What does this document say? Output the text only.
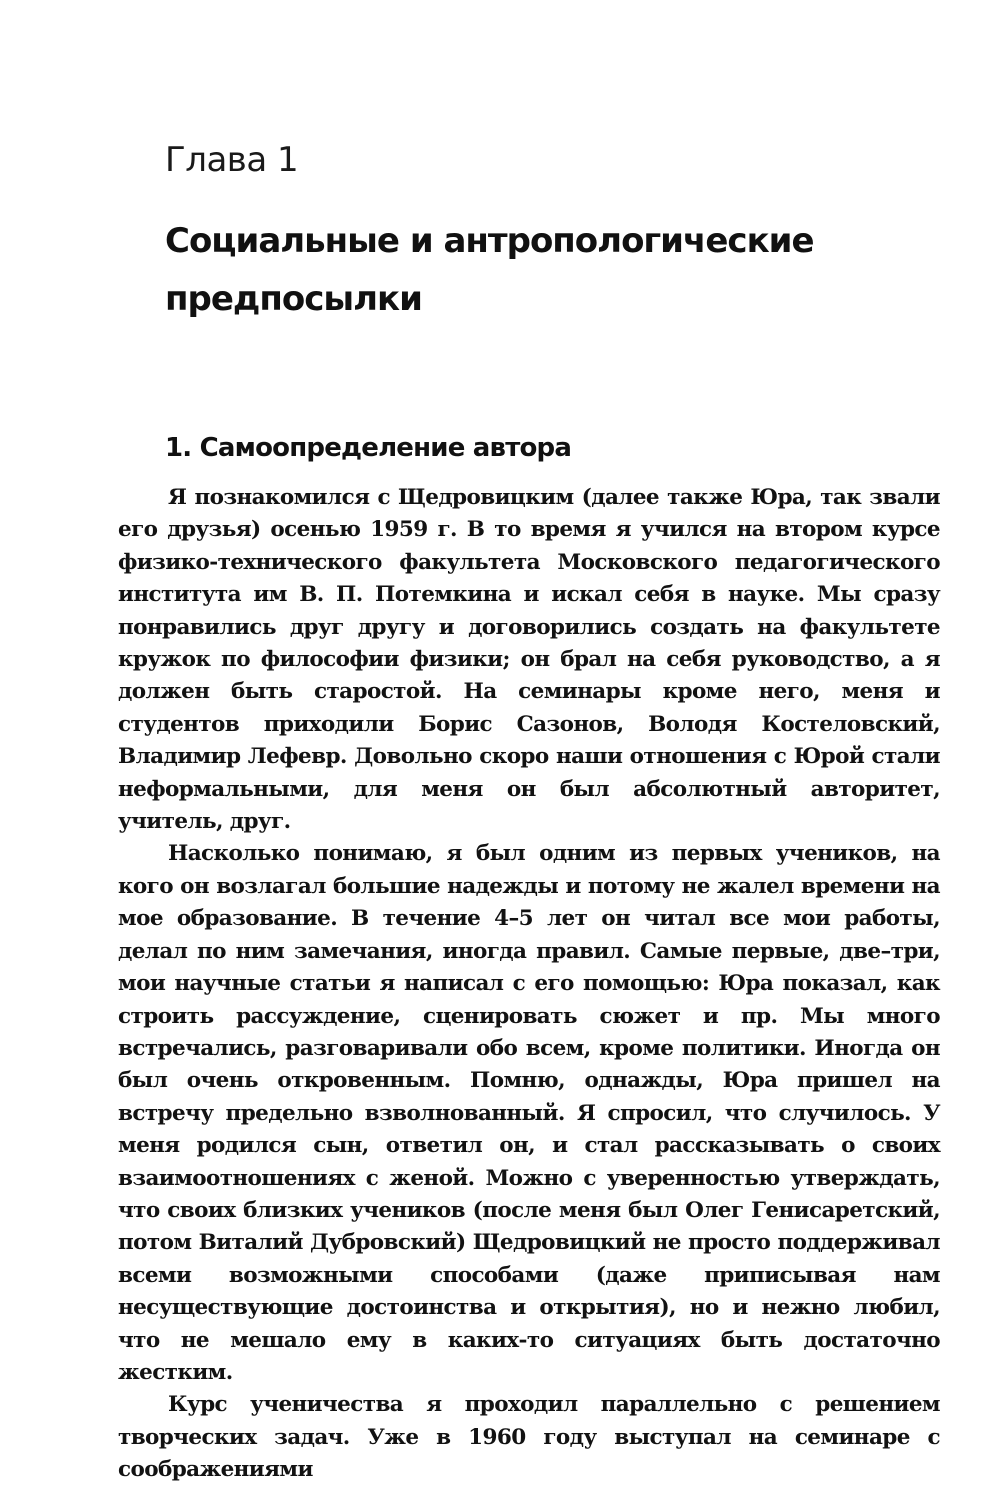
Глава 1
Социальные и антропологические предпосылки
1. Самоопределение автора

Я познакомился с Щедровицким (далее также Юра, так звали его друзья) осенью 1959 г. В то время я учился на втором курсе физико-технического факультета Московского педагогического института им В. П. Потемкина и искал себя в науке. Мы сразу понравились друг другу и договорились создать на факультете кружок по философии физики; он брал на себя руководство, а я должен быть старостой. На семинары кроме него, меня и студентов приходили Борис Сазонов, Володя Костеловский, Владимир Лефевр. Довольно скоро наши отношения с Юрой стали неформальными, для меня он был абсолютный авторитет, учитель, друг.

Насколько понимаю, я был одним из первых учеников, на кого он возлагал большие надежды и потому не жалел времени на мое образование. В течение 4–5 лет он читал все мои работы, делал по ним замечания, иногда правил. Самые первые, две–три, мои научные статьи я написал с его помощью: Юра показал, как строить рассуждение, сценировать сюжет и пр. Мы много встречались, разговаривали обо всем, кроме политики. Иногда он был очень откровенным. Помню, однажды, Юра пришел на встречу предельно взволнованный. Я спросил, что случилось. У меня родился сын, ответил он, и стал рассказывать о своих взаимоотношениях с женой. Можно с уверенностью утверждать, что своих близких учеников (после меня был Олег Генисаретский, потом Виталий Дубровский) Щедровицкий не просто поддерживал всеми возможными способами (даже приписывая нам несуществующие достоинства и открытия), но и нежно любил, что не мешало ему в каких-то ситуациях быть достаточно жестким.

Курс ученичества я проходил параллельно с решением творческих задач. Уже в 1960 году выступал на семинаре с соображениями
